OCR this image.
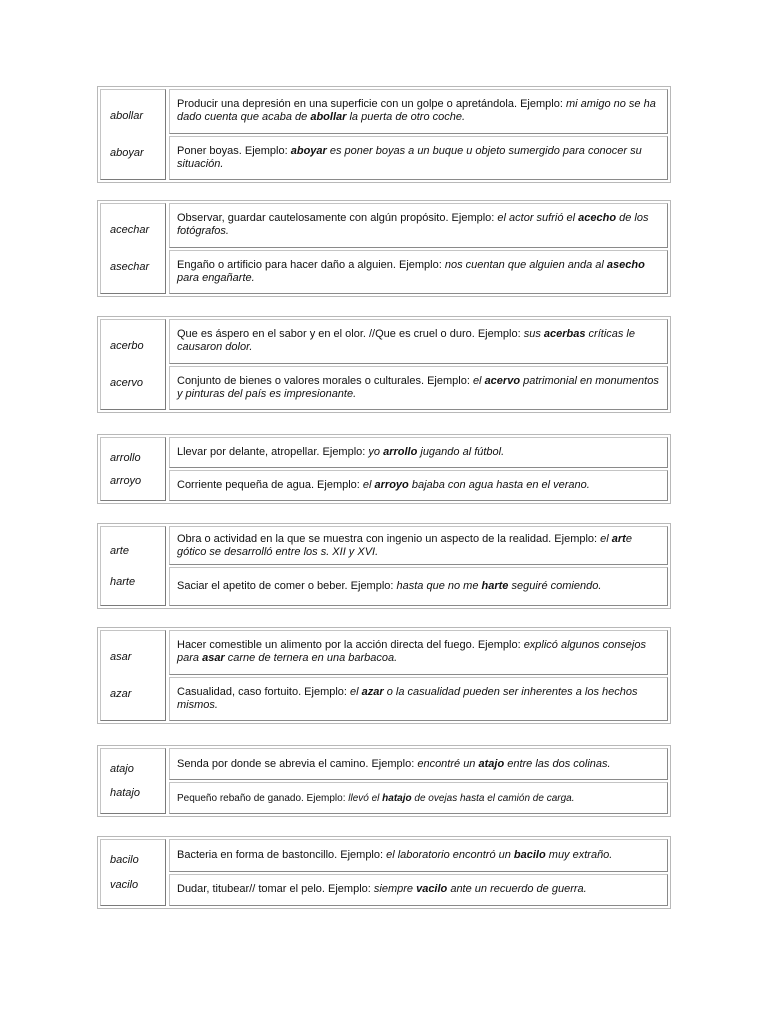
abollar
aboyar
Producir una depresión en una superficie con un golpe o apretándola. Ejemplo: mi amigo no se ha dado cuenta que acaba de abollar la puerta de otro coche.
Poner boyas. Ejemplo: aboyar es poner boyas a un buque u objeto sumergido para conocer su situación.
acechar
asechar
Observar, guardar cautelosamente con algún propósito. Ejemplo: el actor sufrió el acecho de los fotógrafos.
Engaño o artificio para hacer daño a alguien. Ejemplo: nos cuentan que alguien anda al asecho para engañarte.
acerbo
acervo
Que es áspero en el sabor y en el olor. //Que es cruel o duro. Ejemplo: sus acerbas críticas le causaron dolor.
Conjunto de bienes o valores morales o culturales. Ejemplo: el acervo patrimonial en monumentos y pinturas del país es impresionante.
arrollo
arroyo
Llevar por delante, atropellar. Ejemplo: yo arrollo jugando al fútbol.
Corriente pequeña de agua. Ejemplo: el arroyo bajaba con agua hasta en el verano.
arte
harte
Obra o actividad en la que se muestra con ingenio un aspecto de la realidad. Ejemplo: el arte gótico se desarrolló entre los s. XII y XVI.
Saciar el apetito de comer o beber. Ejemplo: hasta que no me harte seguiré comiendo.
asar
azar
Hacer comestible un alimento por la acción directa del fuego. Ejemplo: explicó algunos consejos para asar carne de ternera en una barbacoa.
Casualidad, caso fortuito. Ejemplo: el azar o la casualidad pueden ser inherentes a los hechos mismos.
atajo
hatajo
Senda por donde se abrevia el camino. Ejemplo: encontré un atajo entre las dos colinas.
Pequeño rebaño de ganado. Ejemplo: llevó el hatajo de ovejas hasta el camión de carga.
bacilo
vacilo
Bacteria en forma de bastoncillo. Ejemplo: el laboratorio encontró un bacilo muy extraño.
Dudar, titubear// tomar el pelo. Ejemplo: siempre vacilo ante un recuerdo de guerra.
